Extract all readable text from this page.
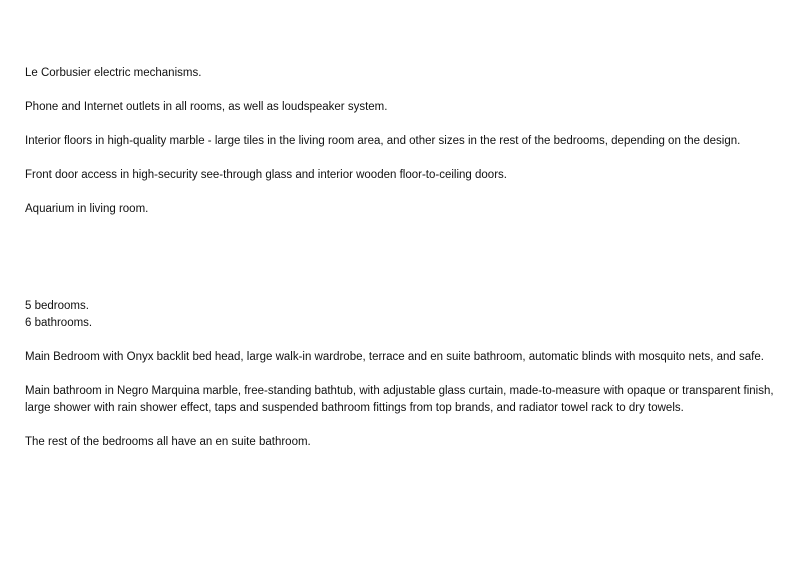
Le Corbusier electric mechanisms.

Phone and Internet outlets in all rooms, as well as loudspeaker system.

Interior floors in high-quality marble - large tiles in the living room area, and other sizes in the rest of the bedrooms, depending on the design.

Front door access in high-security see-through glass and interior wooden floor-to-ceiling doors.

Aquarium in living room.

5 bedrooms.

6 bathrooms.

Main Bedroom with Onyx backlit bed head, large walk-in wardrobe, terrace and en suite bathroom, automatic blinds with mosquito nets, and safe.

Main bathroom in Negro Marquina marble, free-standing bathtub, with adjustable glass curtain, made-to-measure with opaque or transparent finish, large shower with rain shower effect, taps and suspended bathroom fittings from top brands, and radiator towel rack to dry towels.

The rest of the bedrooms all have an en suite bathroom.
